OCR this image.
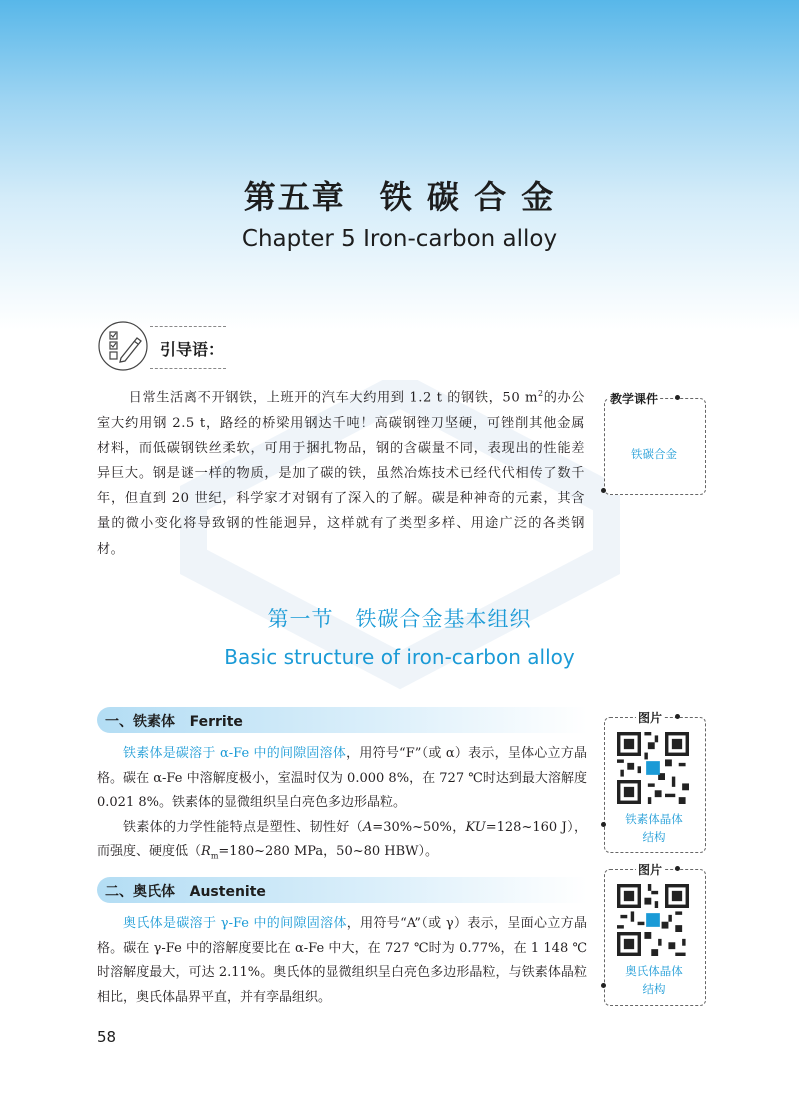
第五章　铁 碳 合 金
Chapter 5 Iron-carbon alloy
引导语：
日常生活离不开钢铁，上班开的汽车大约用到 1.2 t 的钢铁，50 $m^2$的办公室大约用钢 2.5 t，路经的桥梁用钢达千吨！高碳钢锉刀坚硬，可锉削其他金属材料，而低碳钢铁丝柔软，可用于捆扎物品，钢的含碳量不同，表现出的性能差异巨大。钢是谜一样的物质，是加了碳的铁，虽然冶炼技术已经代代相传了数千年，但直到 20 世纪，科学家才对钢有了深入的了解。碳是种神奇的元素，其含量的微小变化将导致钢的性能迥异，这样就有了类型多样、用途广泛的各类钢材。
教学课件
铁碳合金
第一节　铁碳合金基本组织
Basic structure of iron-carbon alloy
一、铁素体   Ferrite

铁素体是碳溶于 α-Fe 中的间隙固溶体，用符号“F”（或 α）表示，呈体心立方晶格。碳在 α-Fe 中溶解度极小，室温时仅为 0.000 8%，在 727 ℃时达到最大溶解度 0.021 8%。铁素体的显微组织呈白亮色多边形晶粒。

铁素体的力学性能特点是塑性、韧性好（A=30%~50%，KU=128~160 J），而强度、硬度低（$R_m=180\sim 280$ MPa，50~80 HBW）。

图片
铁素体晶体
结构
二、奥氏体   Austenite

奥氏体是碳溶于 γ-Fe 中的间隙固溶体，用符号“A”（或 γ）表示，呈面心立方晶格。碳在 γ-Fe 中的溶解度要比在 α-Fe 中大，在 727 ℃时为 0.77%，在 1 148 ℃时溶解度最大，可达 2.11%。奥氏体的显微组织呈白亮色多边形晶粒，与铁素体晶粒相比，奥氏体晶界平直，并有孪晶组织。

图片
奥氏体晶体
结构
58
